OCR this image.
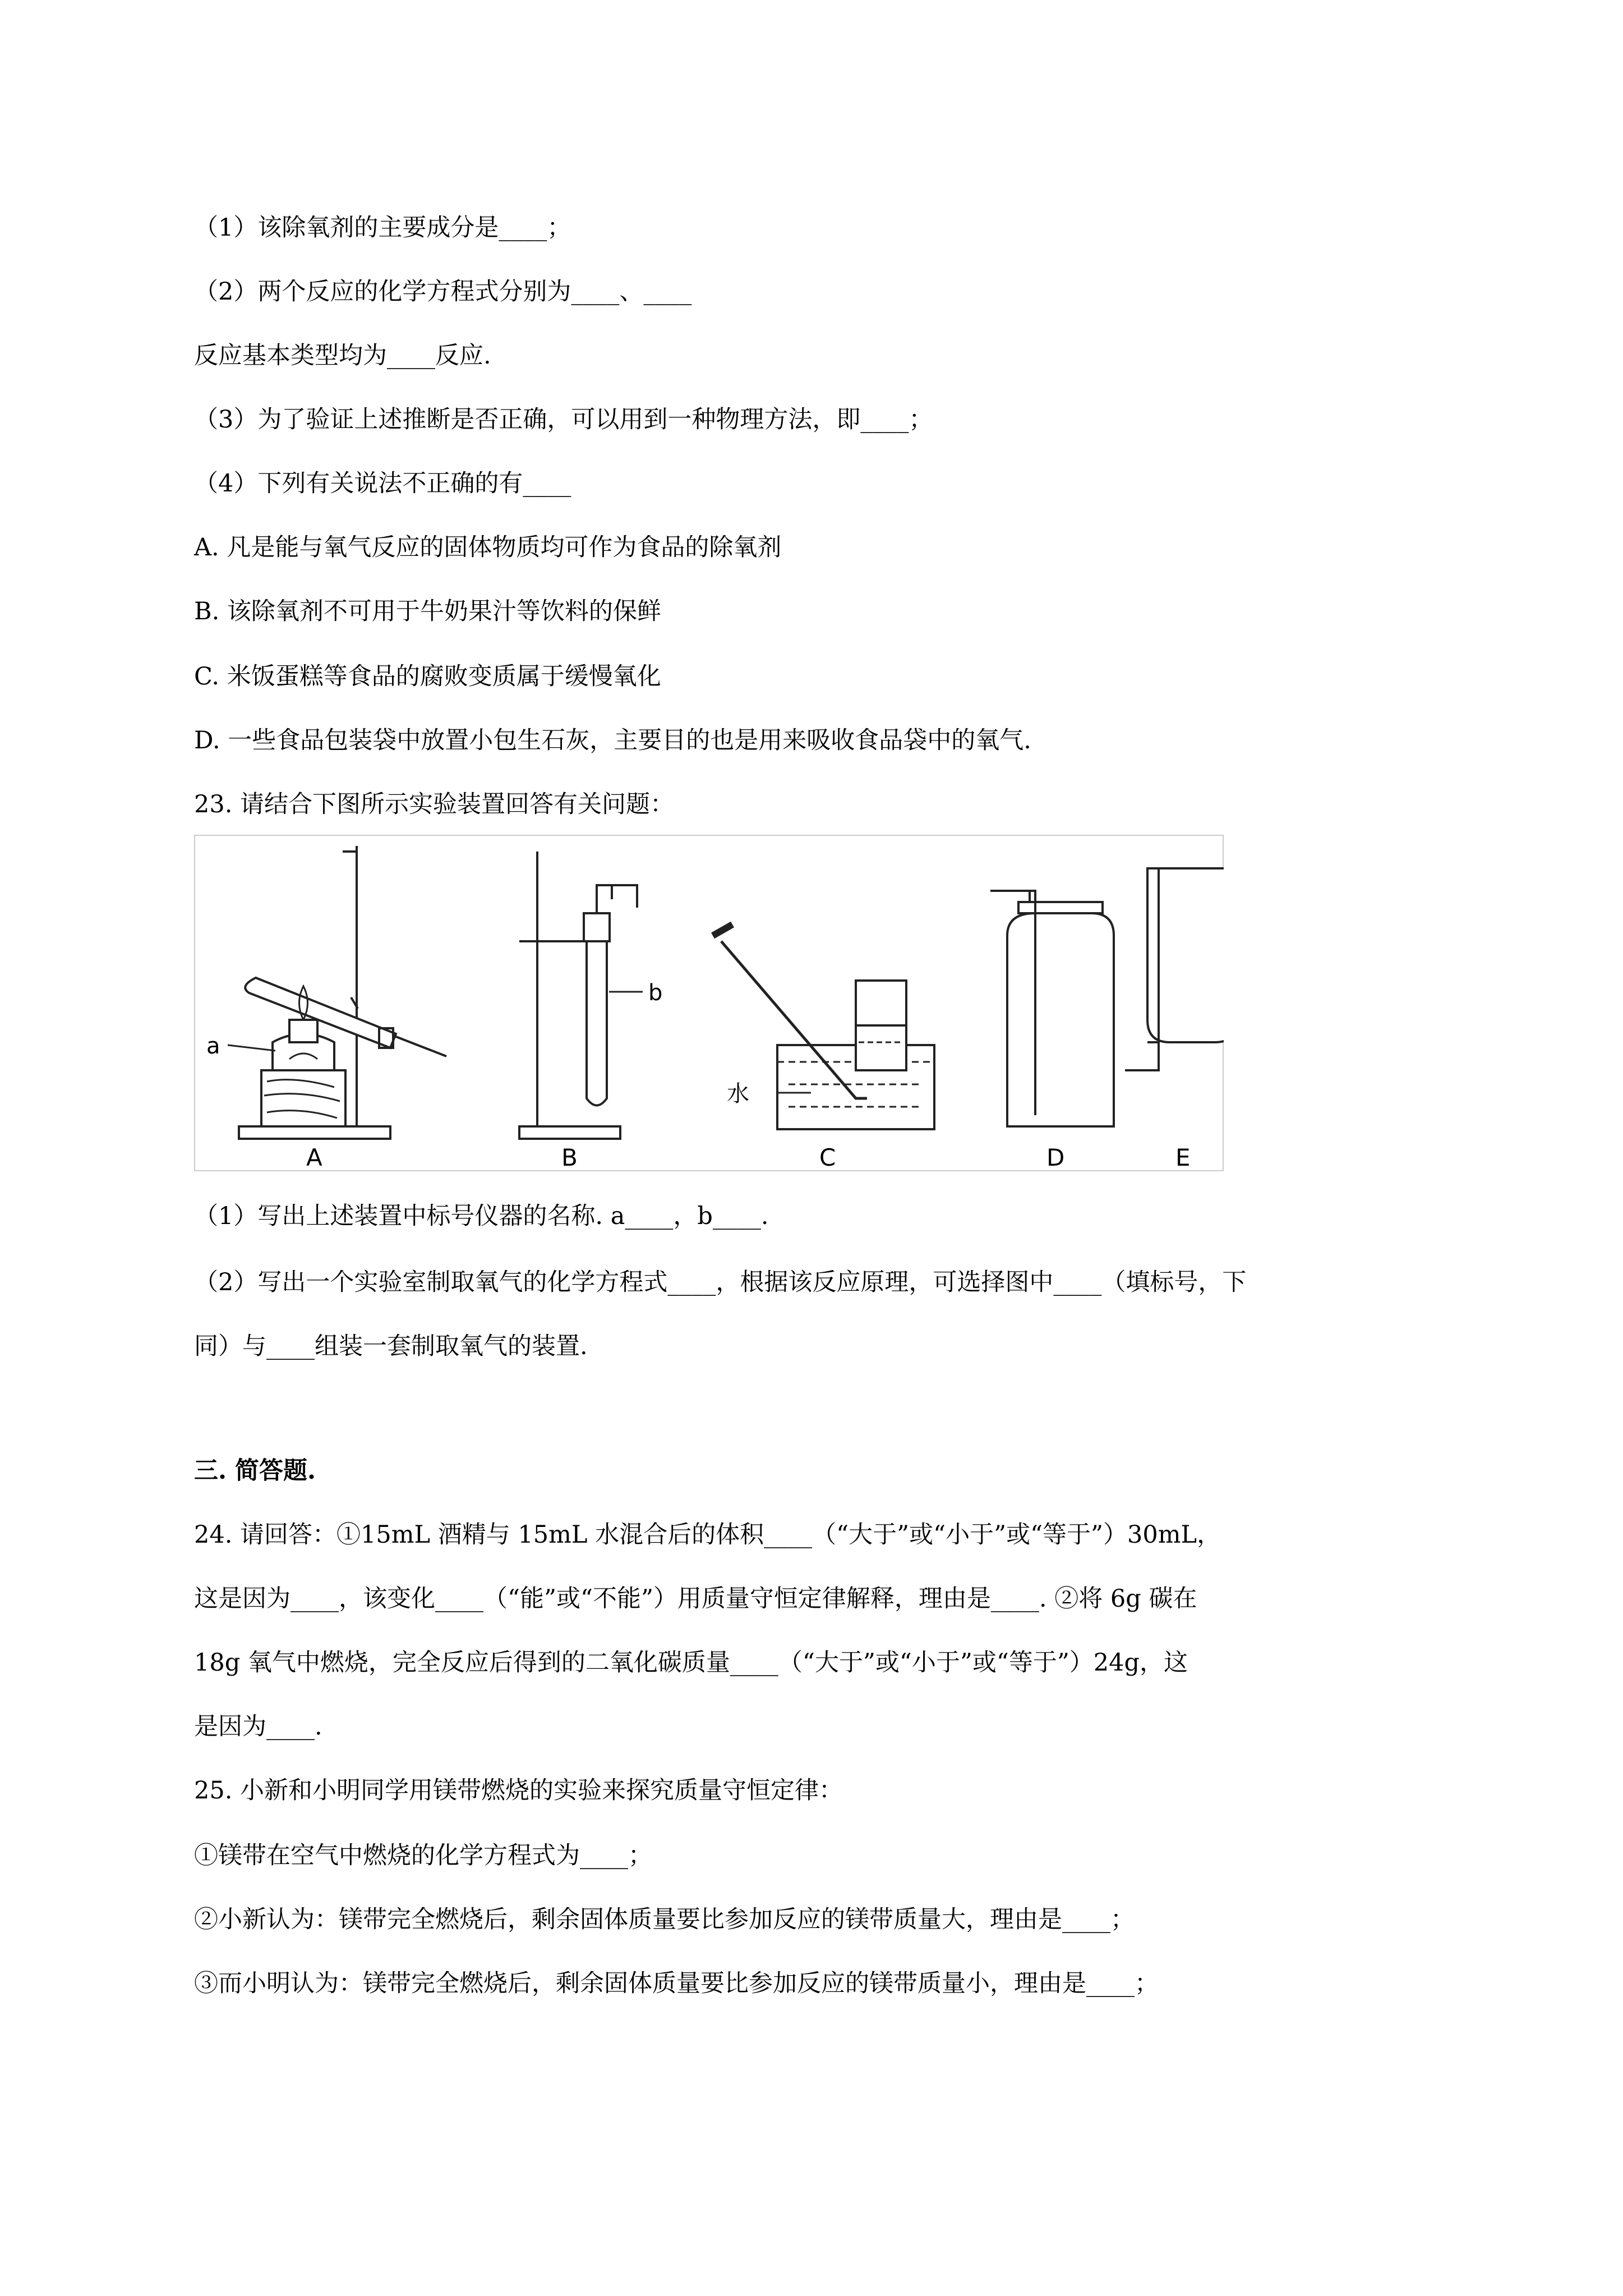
（1）该除氧剂的主要成分是____；
（2）两个反应的化学方程式分别为____、____
反应基本类型均为____反应.
（3）为了验证上述推断是否正确，可以用到一种物理方法，即____；
（4）下列有关说法不正确的有____
A. 凡是能与氧气反应的固体物质均可作为食品的除氧剂
B. 该除氧剂不可用于牛奶果汁等饮料的保鲜
C. 米饭蛋糕等食品的腐败变质属于缓慢氧化
D. 一些食品包装袋中放置小包生石灰，主要目的也是用来吸收食品袋中的氧气.
23. 请结合下图所示实验装置回答有关问题：
a
b
水
A	B	C	D	E
（1）写出上述装置中标号仪器的名称. a____，b____.
（2）写出一个实验室制取氧气的化学方程式____，根据该反应原理，可选择图中____（填标号，下
同）与____组装一套制取氧气的装置.
三. 简答题.
24. 请回答：①15mL 酒精与 15mL 水混合后的体积____（“大于”或“小于”或“等于”）30mL，
这是因为____，该变化____（“能”或“不能”）用质量守恒定律解释，理由是____. ②将 6g 碳在
18g 氧气中燃烧，完全反应后得到的二氧化碳质量____（“大于”或“小于”或“等于”）24g，这
是因为____.
25. 小新和小明同学用镁带燃烧的实验来探究质量守恒定律：
①镁带在空气中燃烧的化学方程式为____；
②小新认为：镁带完全燃烧后，剩余固体质量要比参加反应的镁带质量大，理由是____；
③而小明认为：镁带完全燃烧后，剩余固体质量要比参加反应的镁带质量小，理由是____；
